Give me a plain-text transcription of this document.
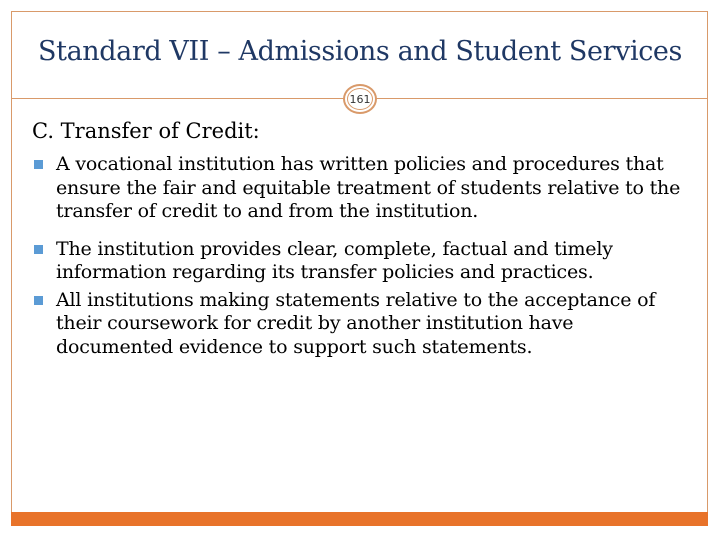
Standard VII – Admissions and Student Services
161
C. Transfer of Credit:
A vocational institution has written policies and procedures that ensure the fair and equitable treatment of students relative to the transfer of credit to and from the institution.
The institution provides clear, complete, factual and timely information regarding its transfer policies and practices.
All institutions making statements relative to the acceptance of their coursework for credit by another institution have documented evidence to support such statements.
